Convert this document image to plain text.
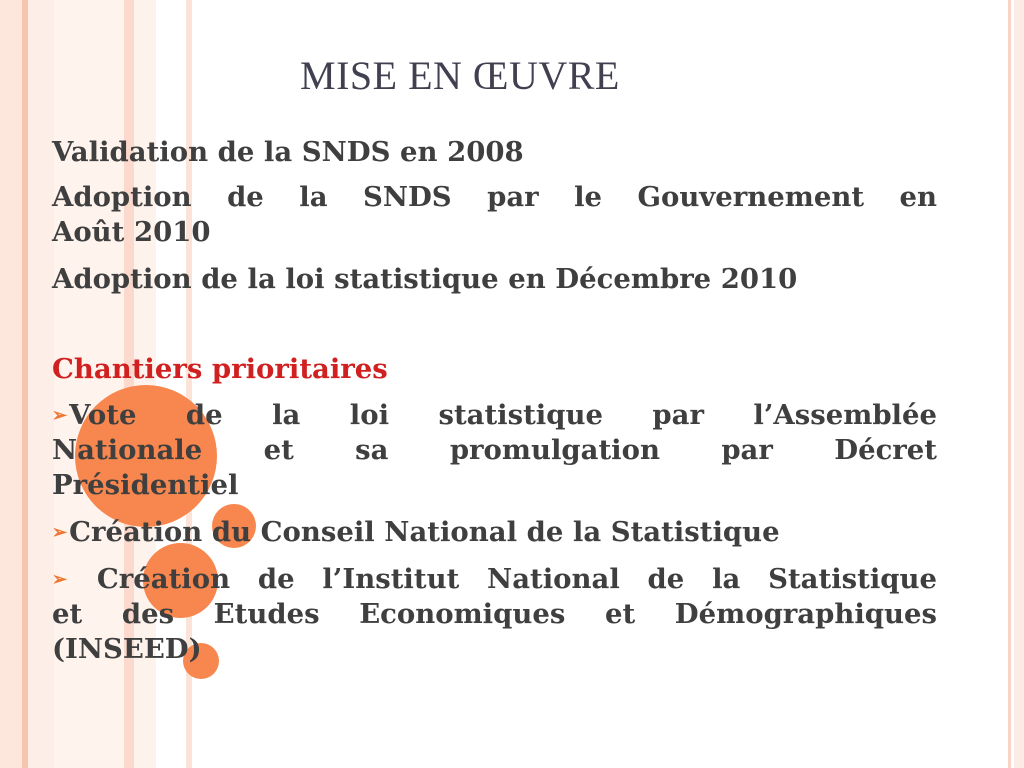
MISE EN ŒUVRE
Validation de la SNDS en 2008
Adoption de la SNDS par le Gouvernement en
Août 2010
Adoption de la loi statistique en Décembre 2010
Chantiers prioritaires
➢Vote de la loi statistique par l’Assemblée
Nationale et sa promulgation par Décret
Présidentiel
➢Création du Conseil National de la Statistique
➢ Création de l’Institut National de la Statistique
et des Etudes Economiques et Démographiques
(INSEED)
